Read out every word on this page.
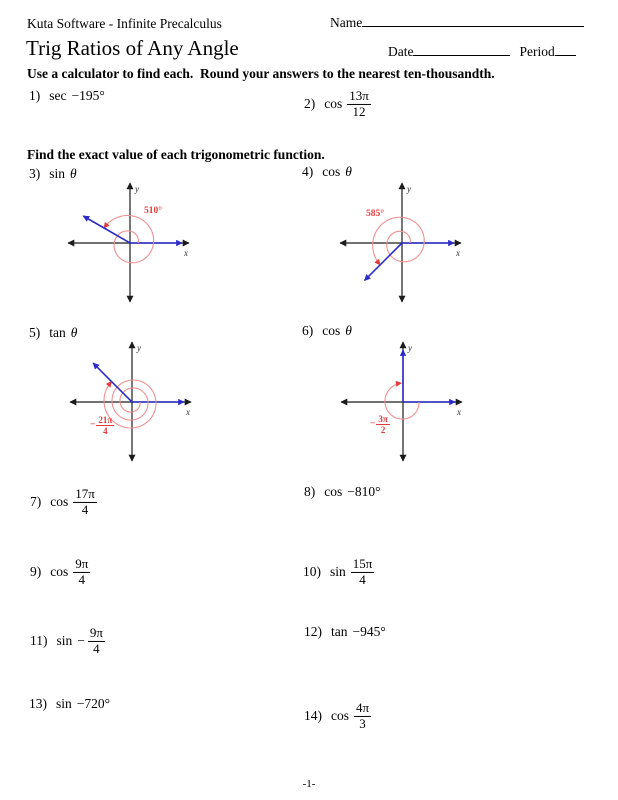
Kuta Software - Infinite Precalculus	Name
Trig Ratios of Any Angle	Date	Period
Use a calculator to find each.  Round your answers to the nearest ten-thousandth.
1) sec −195°
2) $\cos \frac{13\pi}{12}$
Find the exact value of each trigonometric function.
3) sin θ	4) cos θ
x
y
510°
x
y
585°
5) tan θ	6) cos θ
x
y
− $\frac{21\pi}{4}$
x
y
− $\frac{3\pi}{2}$
7) $\cos \frac{17\pi}{4}$	8) cos −810°
9) $\cos \frac{9\pi}{4}$	10) $\sin \frac{15\pi}{4}$
11) $\sin - \frac{9\pi}{4}$	12) tan −945°
13) sin −720°
14) $\cos \frac{4\pi}{3}$
-1-
